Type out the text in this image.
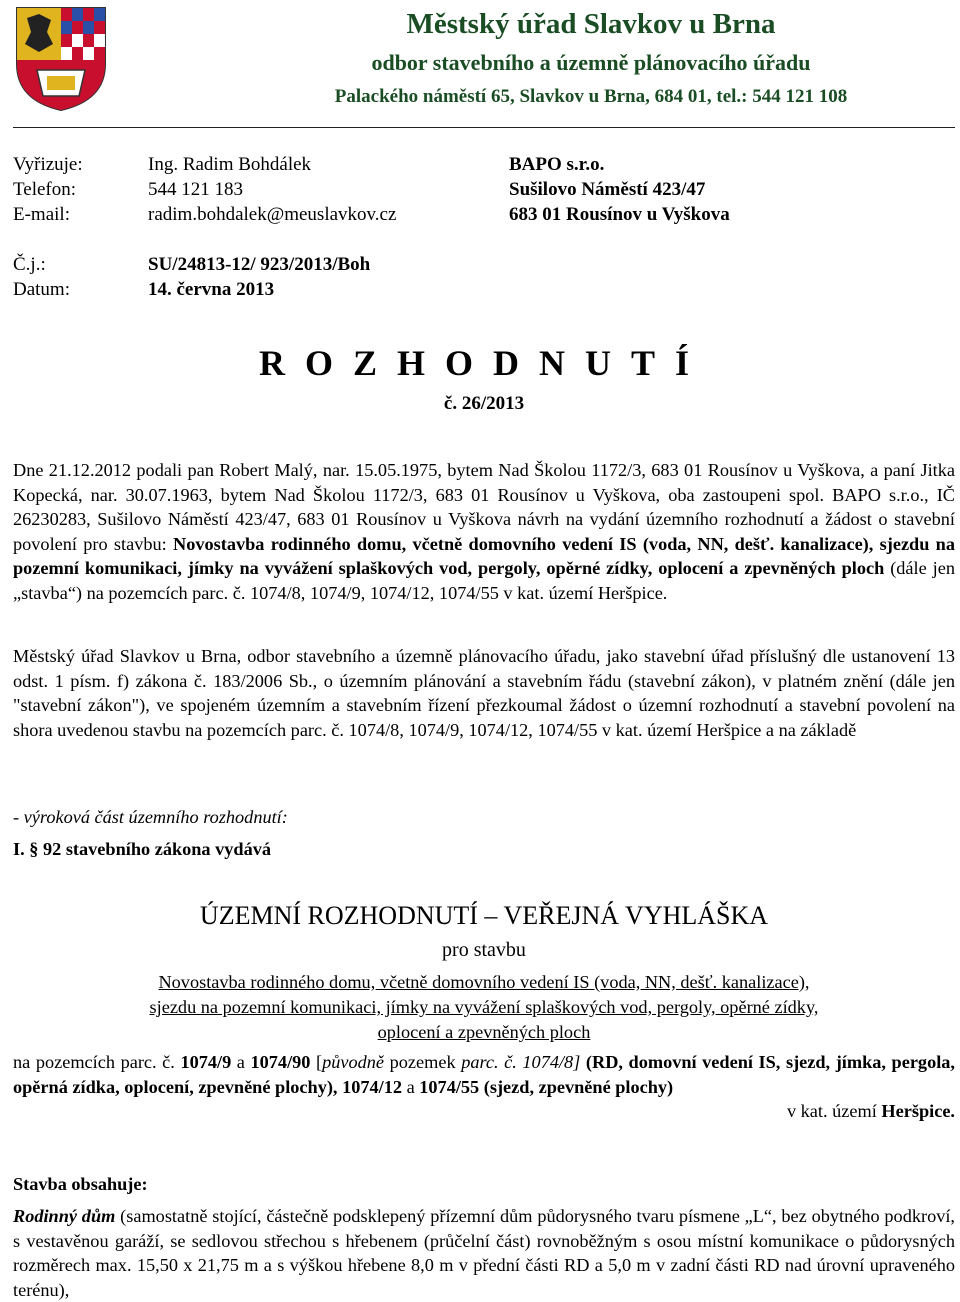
Městský úřad Slavkov u Brna
odbor stavebního a územně plánovacího úřadu
Palackého náměstí 65, Slavkov u Brna, 684 01, tel.: 544 121 108
Vyřizuje:	Ing. Radim Bohdálek
Telefon:	544 121 183
E-mail:	radim.bohdalek@meuslavkov.cz
BAPO s.r.o.
Sušilovo Náměstí 423/47
683 01 Rousínov u Vyškova
Č.j.:	SU/24813-12/ 923/2013/Boh
Datum:	14. června 2013
ROZHODNUTÍ
č. 26/2013
Dne 21.12.2012 podali pan Robert Malý, nar. 15.05.1975, bytem Nad Školou 1172/3, 683 01 Rousínov u Vyškova, a paní Jitka Kopecká, nar. 30.07.1963, bytem Nad Školou 1172/3, 683 01 Rousínov u Vyškova, oba zastoupeni spol. BAPO s.r.o., IČ 26230283, Sušilovo Náměstí 423/47, 683 01 Rousínov u Vyškova návrh na vydání územního rozhodnutí a žádost o stavební povolení pro stavbu: Novostavba rodinného domu, včetně domovního vedení IS (voda, NN, dešť. kanalizace), sjezdu na pozemní komunikaci, jímky na vyvážení splaškových vod, pergoly, opěrné zídky, oplocení a zpevněných ploch (dále jen „stavba“) na pozemcích parc. č. 1074/8, 1074/9, 1074/12, 1074/55 v kat. území Heršpice.
Městský úřad Slavkov u Brna, odbor stavebního a územně plánovacího úřadu, jako stavební úřad příslušný dle ustanovení 13 odst. 1 písm. f) zákona č. 183/2006 Sb., o územním plánování a stavebním řádu (stavební zákon), v platném znění (dále jen "stavební zákon"), ve spojeném územním a stavebním řízení přezkoumal žádost o územní rozhodnutí a stavební povolení na shora uvedenou stavbu na pozemcích parc. č. 1074/8, 1074/9, 1074/12, 1074/55 v kat. území Heršpice a na základě
- výroková část územního rozhodnutí:
I. § 92 stavebního zákona vydává
ÚZEMNÍ ROZHODNUTÍ – VEŘEJNÁ VYHLÁŠKA
pro stavbu
Novostavba rodinného domu, včetně domovního vedení IS (voda, NN, dešť. kanalizace),
sjezdu na pozemní komunikaci, jímky na vyvážení splaškových vod, pergoly, opěrné zídky,
oplocení a zpevněných ploch
na pozemcích parc. č. 1074/9 a 1074/90 [původně pozemek parc. č. 1074/8] (RD, domovní vedení IS, sjezd, jímka, pergola, opěrná zídka, oplocení, zpevněné plochy), 1074/12 a 1074/55 (sjezd, zpevněné plochy)
v kat. území Heršpice.
Stavba obsahuje:
Rodinný dům (samostatně stojící, částečně podsklepený přízemní dům půdorysného tvaru písmene „L“, bez obytného podkroví, s vestavěnou garáží, se sedlovou střechou s hřebenem (průčelní část) rovnoběžným s osou místní komunikace o půdorysných rozměrech max. 15,50 x 21,75 m a s výškou hřebene 8,0 m v přední části RD a 5,0 m v zadní části RD nad úrovní upraveného terénu),
